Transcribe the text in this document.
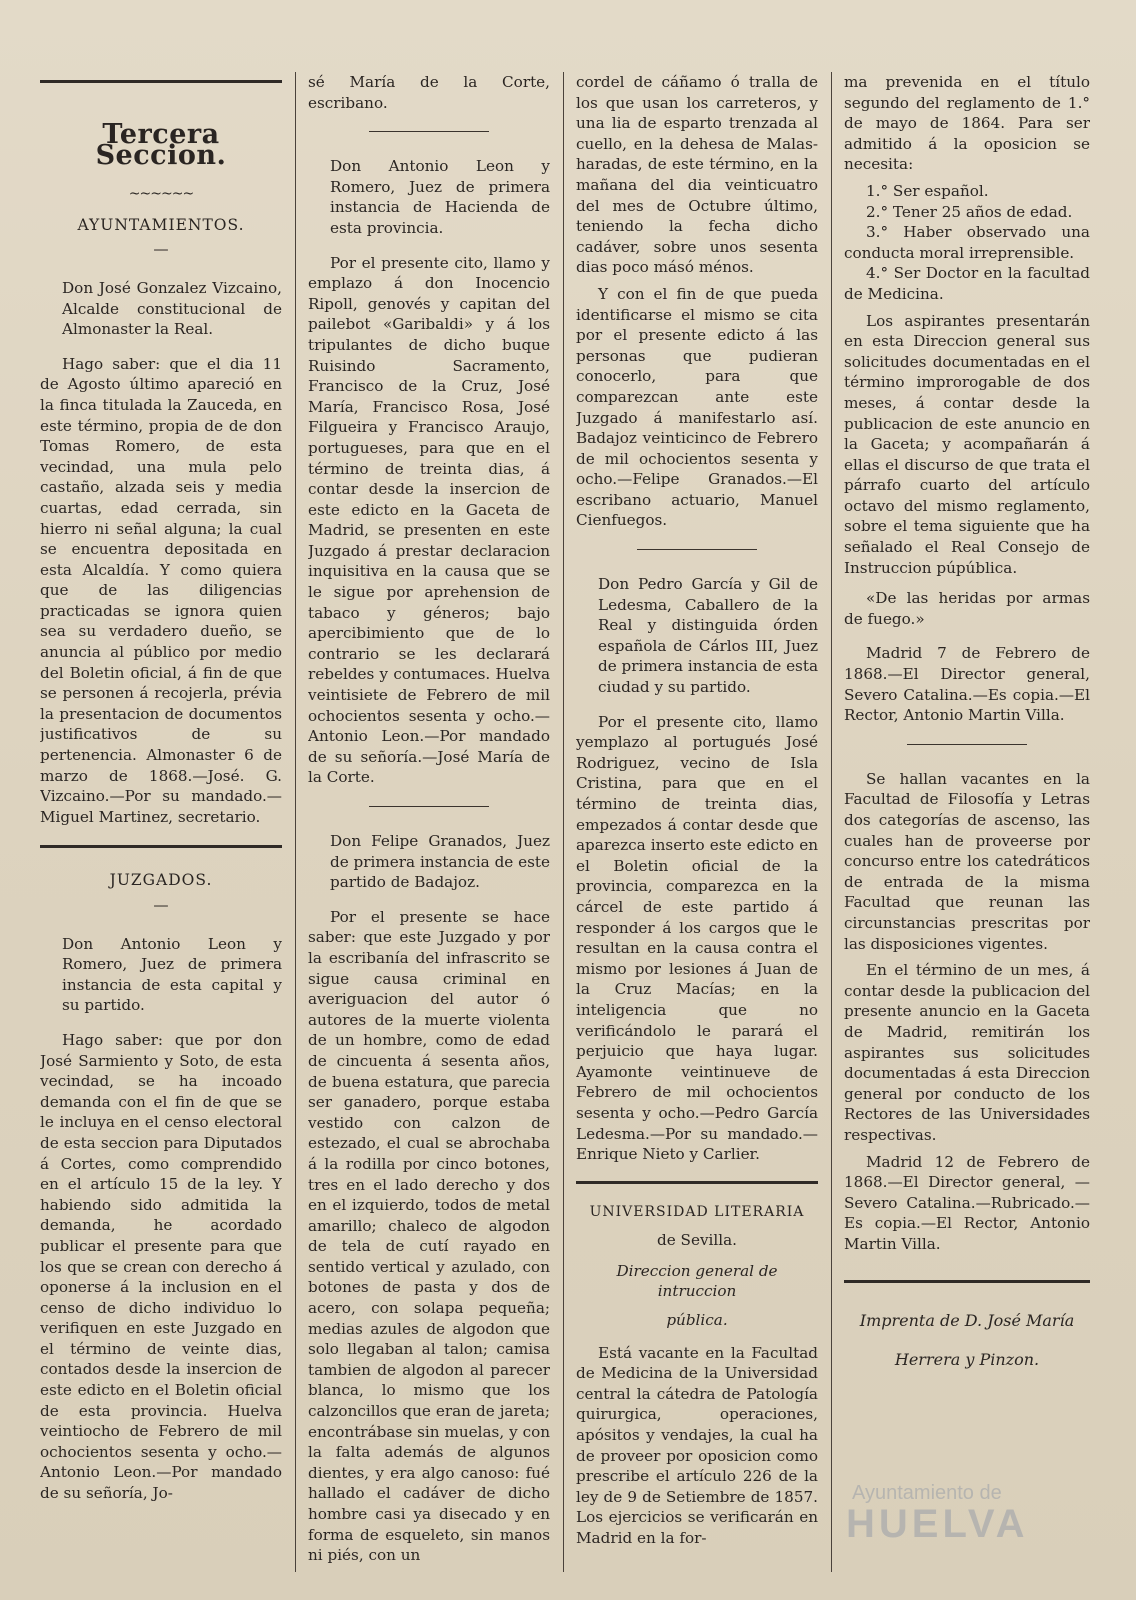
Tercera Seccion.
~~~~~~
AYUNTAMIENTOS.
—

Don José Gonzalez Vizcaino, Alcalde constitucional de Almonaster la Real.

Hago saber: que el dia 11 de Agosto último apareció en la finca titulada la Zauceda, en este término, propia de de don Tomas Romero, de esta vecindad, una mula pelo castaño, alzada seis y media cuartas, edad cerrada, sin hierro ni señal alguna; la cual se encuentra depositada en esta Alcaldía. Y como quiera que de las diligencias practicadas se ignora quien sea su verdadero dueño, se anuncia al público por medio del Boletin oficial, á fin de que se personen á recojerla, prévia la presentacion de documentos justificativos de su pertenencia. Almonaster 6 de marzo de 1868.—José. G. Vizcaino.—Por su mandado.—Miguel Martinez, secretario.

JUZGADOS.
—

Don Antonio Leon y Romero, Juez de primera instancia de esta capital y su partido.

Hago saber: que por don José Sarmiento y Soto, de esta vecindad, se ha incoado demanda con el fin de que se le incluya en el censo electoral de esta seccion para Diputados á Cortes, como comprendido en el artículo 15 de la ley. Y habiendo sido admitida la demanda, he acordado publicar el presente para que los que se crean con derecho á oponerse á la inclusion en el censo de dicho individuo lo verifiquen en este Juzgado en el término de veinte dias, contados desde la insercion de este edicto en el Boletin oficial de esta provincia. Huelva veintiocho de Febrero de mil ochocientos sesenta y ocho.—Antonio Leon.—Por mandado de su señoría, Jo-

sé María de la Corte, escribano.

Don Antonio Leon y Romero, Juez de primera instancia de Hacienda de esta provincia.

Por el presente cito, llamo y emplazo á don Inocencio Ripoll, genovés y capitan del pailebot «Garibaldi» y á los tripulantes de dicho buque Ruisindo Sacramento, Francisco de la Cruz, José María, Francisco Rosa, José Filgueira y Francisco Araujo, portugueses, para que en el término de treinta dias, á contar desde la insercion de este edicto en la Gaceta de Madrid, se presenten en este Juzgado á prestar declaracion inquisitiva en la causa que se le sigue por aprehension de tabaco y géneros; bajo apercibimiento que de lo contrario se les declarará rebeldes y contumaces. Huelva veintisiete de Febrero de mil ochocientos sesenta y ocho.—Antonio Leon.—Por mandado de su señoría.—José María de la Corte.

Don Felipe Granados, Juez de primera instancia de este partido de Badajoz.

Por el presente se hace saber: que este Juzgado y por la escribanía del infrascrito se sigue causa criminal en averiguacion del autor ó autores de la muerte violenta de un hombre, como de edad de cincuenta á sesenta años, de buena estatura, que parecia ser ganadero, porque estaba vestido con calzon de estezado, el cual se abrochaba á la rodilla por cinco botones, tres en el lado derecho y dos en el izquierdo, todos de metal amarillo; chaleco de algodon de tela de cutí rayado en sentido vertical y azulado, con botones de pasta y dos de acero, con solapa pequeña; medias azules de algodon que solo llegaban al talon; camisa tambien de algodon al parecer blanca, lo mismo que los calzoncillos que eran de jareta; encontrábase sin muelas, y con la falta además de algunos dientes, y era algo canoso: fué hallado el cadáver de dicho hombre casi ya disecado y en forma de esqueleto, sin manos ni piés, con un

cordel de cáñamo ó tralla de los que usan los carreteros, y una lia de esparto trenzada al cuello, en la dehesa de Malas-haradas, de este término, en la mañana del dia veinticuatro del mes de Octubre último, teniendo la fecha dicho cadáver, sobre unos sesenta dias poco másó ménos.

Y con el fin de que pueda identificarse el mismo se cita por el presente edicto á las personas que pudieran conocerlo, para que comparezcan ante este Juzgado á manifestarlo así. Badajoz veinticinco de Febrero de mil ochocientos sesenta y ocho.—Felipe Granados.—El escribano actuario, Manuel Cienfuegos.

Don Pedro García y Gil de Ledesma, Caballero de la Real y distinguida órden española de Cárlos III, Juez de primera instancia de esta ciudad y su partido.

Por el presente cito, llamo yemplazo al portugués José Rodriguez, vecino de Isla Cristina, para que en el término de treinta dias, empezados á contar desde que aparezca inserto este edicto en el Boletin oficial de la provincia, comparezca en la cárcel de este partido á responder á los cargos que le resultan en la causa contra el mismo por lesiones á Juan de la Cruz Macías; en la inteligencia que no verificándolo le parará el perjuicio que haya lugar. Ayamonte veintinueve de Febrero de mil ochocientos sesenta y ocho.—Pedro García Ledesma.—Por su mandado.—Enrique Nieto y Carlier.

UNIVERSIDAD LITERARIA
de Sevilla.
Direccion general de intruccion
pública.

Está vacante en la Facultad de Medicina de la Universidad central la cátedra de Patología quirurgica, operaciones, apósitos y vendajes, la cual ha de proveer por oposicion como prescribe el artículo 226 de la ley de 9 de Setiembre de 1857. Los ejercicios se verificarán en Madrid en la for-

ma prevenida en el título segundo del reglamento de 1.° de mayo de 1864. Para ser admitido á la oposicion se necesita:

1.° Ser español.

2.° Tener 25 años de edad.

3.° Haber observado una conducta moral irreprensible.

4.° Ser Doctor en la facultad de Medicina.

Los aspirantes presentarán en esta Direccion general sus solicitudes documentadas en el término improrogable de dos meses, á contar desde la publicacion de este anuncio en la Gaceta; y acompañarán á ellas el discurso de que trata el párrafo cuarto del artículo octavo del mismo reglamento, sobre el tema siguiente que ha señalado el Real Consejo de Instruccion púpública.

«De las heridas por armas de fuego.»

Madrid 7 de Febrero de 1868.—El Director general, Severo Catalina.—Es copia.—El Rector, Antonio Martin Villa.

Se hallan vacantes en la Facultad de Filosofía y Letras dos categorías de ascenso, las cuales han de proveerse por concurso entre los catedráticos de entrada de la misma Facultad que reunan las circunstancias prescritas por las disposiciones vigentes.

En el término de un mes, á contar desde la publicacion del presente anuncio en la Gaceta de Madrid, remitirán los aspirantes sus solicitudes documentadas á esta Direccion general por conducto de los Rectores de las Universidades respectivas.

Madrid 12 de Febrero de 1868.—El Director general, —Severo Catalina.—Rubricado.—Es copia.—El Rector, Antonio Martin Villa.

Imprenta de D. José María
Herrera y Pinzon.
Ayuntamiento de
HUELVA
